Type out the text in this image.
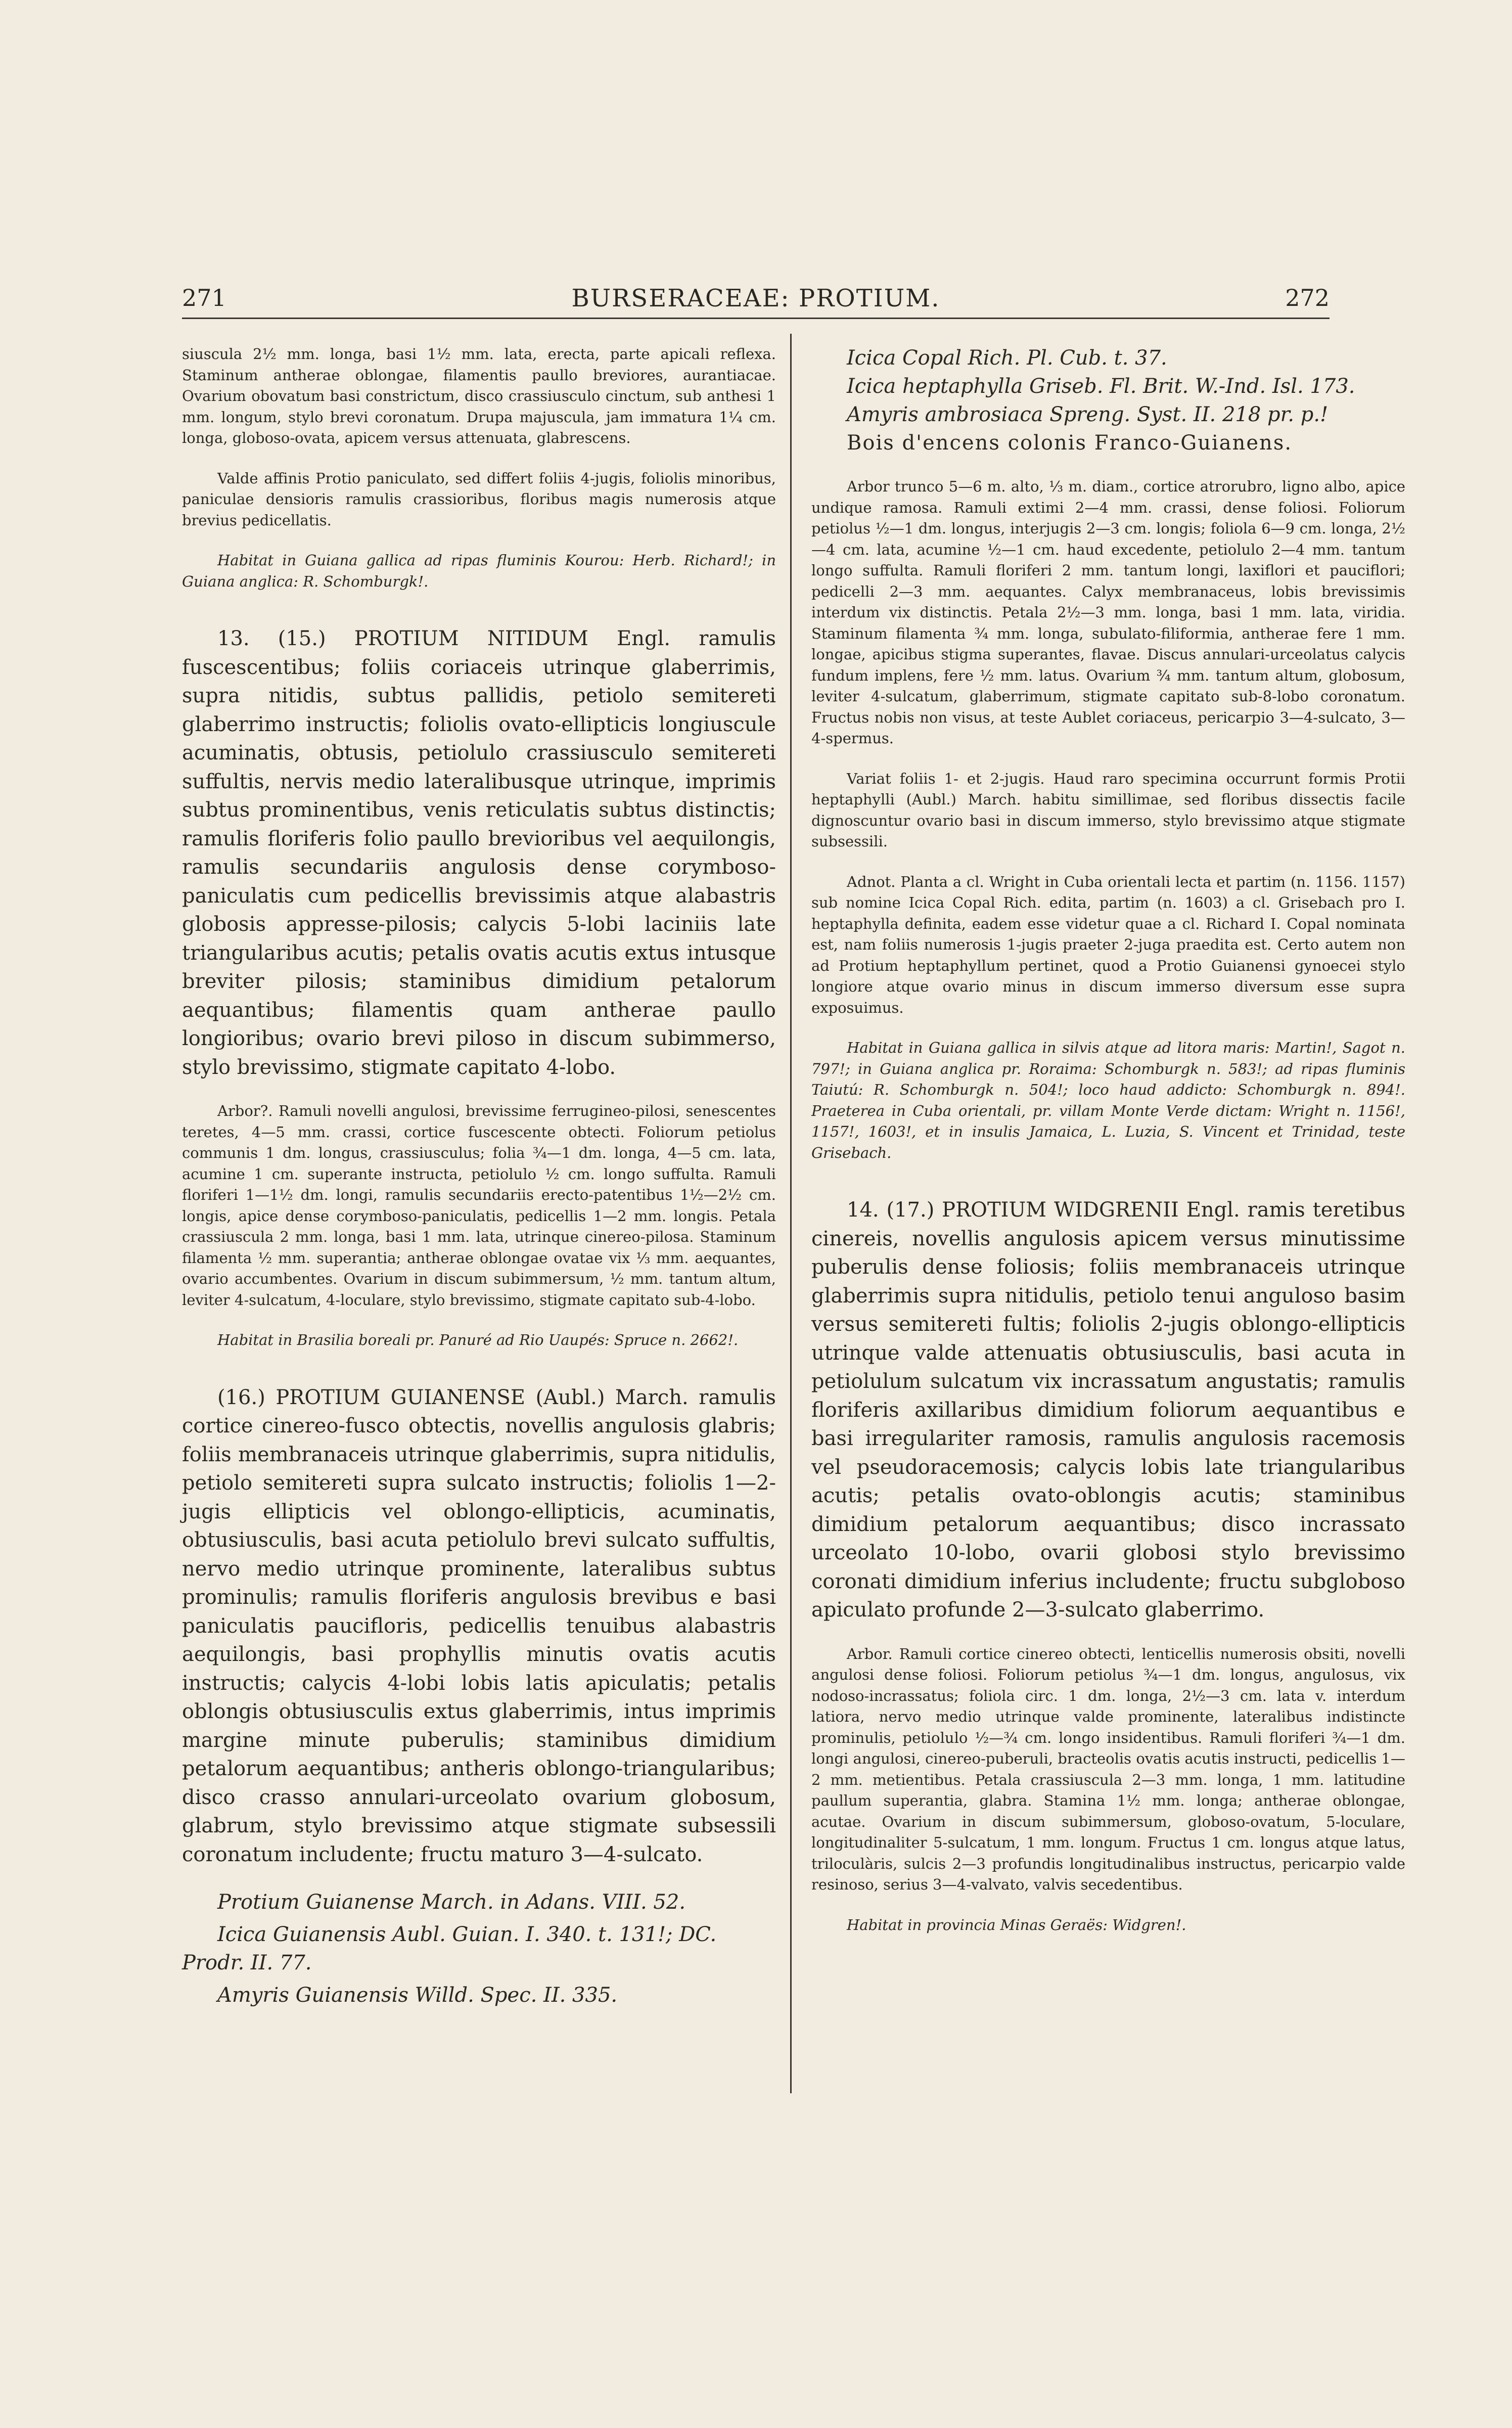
271	BURSERACEAE: PROTIUM.	272

siuscula 2½ mm. longa, basi 1½ mm. lata, erecta, parte apicali reflexa. Staminum antherae oblongae, filamentis paullo breviores, aurantiacae. Ovarium obovatum basi constrictum, disco crassiusculo cinctum, sub anthesi 1 mm. longum, stylo brevi coronatum. Drupa majuscula, jam immatura 1¼ cm. longa, globoso-ovata, apicem versus attenuata, glabrescens.

Valde affinis Protio paniculato, sed differt foliis 4-jugis, foliolis minoribus, paniculae densioris ramulis crassioribus, floribus magis numerosis atque brevius pedicellatis.

Habitat in Guiana gallica ad ripas fluminis Kourou: Herb. Richard!; in Guiana anglica: R. Schomburgk!.

13. (15.) PROTIUM NITIDUM Engl. ramulis fuscescentibus; foliis coriaceis utrinque glaberrimis, supra nitidis, subtus pallidis, petiolo semitereti glaberrimo instructis; foliolis ovato-ellipticis longiuscule acuminatis, obtusis, petiolulo crassiusculo semitereti suffultis, nervis medio lateralibusque utrinque, imprimis subtus prominentibus, venis reticulatis subtus distinctis; ramulis floriferis folio paullo brevioribus vel aequilongis, ramulis secundariis angulosis dense corymboso-paniculatis cum pedicellis brevissimis atque alabastris globosis appresse-pilosis; calycis 5-lobi laciniis late triangularibus acutis; petalis ovatis acutis extus intusque breviter pilosis; staminibus dimidium petalorum aequantibus; filamentis quam antherae paullo longioribus; ovario brevi piloso in discum subimmerso, stylo brevissimo, stigmate capitato 4-lobo.

Arbor?. Ramuli novelli angulosi, brevissime ferrugineo-pilosi, senescentes teretes, 4—5 mm. crassi, cortice fuscescente obtecti. Foliorum petiolus communis 1 dm. longus, crassiusculus; folia ¾—1 dm. longa, 4—5 cm. lata, acumine 1 cm. superante instructa, petiolulo ½ cm. longo suffulta. Ramuli floriferi 1—1½ dm. longi, ramulis secundariis erecto-patentibus 1½—2½ cm. longis, apice dense corymboso-paniculatis, pedicellis 1—2 mm. longis. Petala crassiuscula 2 mm. longa, basi 1 mm. lata, utrinque cinereo-pilosa. Staminum filamenta ½ mm. superantia; antherae oblongae ovatae vix ⅓ mm. aequantes, ovario accumbentes. Ovarium in discum subimmersum, ½ mm. tantum altum, leviter 4-sulcatum, 4-loculare, stylo brevissimo, stigmate capitato sub-4-lobo.

Habitat in Brasilia boreali pr. Panuré ad Rio Uaupés: Spruce n. 2662!.

(16.) PROTIUM GUIANENSE (Aubl.) March. ramulis cortice cinereo-fusco obtectis, novellis angulosis glabris; foliis membranaceis utrinque glaberrimis, supra nitidulis, petiolo semitereti supra sulcato instructis; foliolis 1—2-jugis ellipticis vel oblongo-ellipticis, acuminatis, obtusiusculis, basi acuta petiolulo brevi sulcato suffultis, nervo medio utrinque prominente, lateralibus subtus prominulis; ramulis floriferis angulosis brevibus e basi paniculatis paucifloris, pedicellis tenuibus alabastris aequilongis, basi prophyllis minutis ovatis acutis instructis; calycis 4-lobi lobis latis apiculatis; petalis oblongis obtusiusculis extus glaberrimis, intus imprimis margine minute puberulis; staminibus dimidium petalorum aequantibus; antheris oblongo-triangularibus; disco crasso annulari-urceolato ovarium globosum, glabrum, stylo brevissimo atque stigmate subsessili coronatum includente; fructu maturo 3—4-sulcato.

Protium Guianense March. in Adans. VIII. 52.

Icica Guianensis Aubl. Guian. I. 340. t. 131!; DC. Prodr. II. 77.

Amyris Guianensis Willd. Spec. II. 335.

Icica Copal Rich. Pl. Cub. t. 37.

Icica heptaphylla Griseb. Fl. Brit. W.-Ind. Isl. 173.

Amyris ambrosiaca Spreng. Syst. II. 218 pr. p.!

Bois d'encens colonis Franco-Guianens.

Arbor trunco 5—6 m. alto, ⅓ m. diam., cortice atrorubro, ligno albo, apice undique ramosa. Ramuli extimi 2—4 mm. crassi, dense foliosi. Foliorum petiolus ½—1 dm. longus, interjugis 2—3 cm. longis; foliola 6—9 cm. longa, 2½—4 cm. lata, acumine ½—1 cm. haud excedente, petiolulo 2—4 mm. tantum longo suffulta. Ramuli floriferi 2 mm. tantum longi, laxiflori et pauciflori; pedicelli 2—3 mm. aequantes. Calyx membranaceus, lobis brevissimis interdum vix distinctis. Petala 2½—3 mm. longa, basi 1 mm. lata, viridia. Staminum filamenta ¾ mm. longa, subulato-filiformia, antherae fere 1 mm. longae, apicibus stigma superantes, flavae. Discus annulari-urceolatus calycis fundum implens, fere ½ mm. latus. Ovarium ¾ mm. tantum altum, globosum, leviter 4-sulcatum, glaberrimum, stigmate capitato sub-8-lobo coronatum. Fructus nobis non visus, at teste Aublet coriaceus, pericarpio 3—4-sulcato, 3—4-spermus.

Variat foliis 1- et 2-jugis. Haud raro specimina occurrunt formis Protii heptaphylli (Aubl.) March. habitu simillimae, sed floribus dissectis facile dignoscuntur ovario basi in discum immerso, stylo brevissimo atque stigmate subsessili.

Adnot. Planta a cl. Wright in Cuba orientali lecta et partim (n. 1156. 1157) sub nomine Icica Copal Rich. edita, partim (n. 1603) a cl. Grisebach pro I. heptaphylla definita, eadem esse videtur quae a cl. Richard I. Copal nominata est, nam foliis numerosis 1-jugis praeter 2-juga praedita est. Certo autem non ad Protium heptaphyllum pertinet, quod a Protio Guianensi gynoecei stylo longiore atque ovario minus in discum immerso diversum esse supra exposuimus.

Habitat in Guiana gallica in silvis atque ad litora maris: Martin!, Sagot n. 797!; in Guiana anglica pr. Roraima: Schomburgk n. 583!; ad ripas fluminis Taiutú: R. Schomburgk n. 504!; loco haud addicto: Schomburgk n. 894!. Praeterea in Cuba orientali, pr. villam Monte Verde dictam: Wright n. 1156!, 1157!, 1603!, et in insulis Jamaica, L. Luzia, S. Vincent et Trinidad, teste Grisebach.

14. (17.) PROTIUM WIDGRENII Engl. ramis teretibus cinereis, novellis angulosis apicem versus minutissime puberulis dense foliosis; foliis membranaceis utrinque glaberrimis supra nitidulis, petiolo tenui anguloso basim versus semitereti fultis; foliolis 2-jugis oblongo-ellipticis utrinque valde attenuatis obtusiusculis, basi acuta in petiolulum sulcatum vix incrassatum angustatis; ramulis floriferis axillaribus dimidium foliorum aequantibus e basi irregulariter ramosis, ramulis angulosis racemosis vel pseudoracemosis; calycis lobis late triangularibus acutis; petalis ovato-oblongis acutis; staminibus dimidium petalorum aequantibus; disco incrassato urceolato 10-lobo, ovarii globosi stylo brevissimo coronati dimidium inferius includente; fructu subgloboso apiculato profunde 2—3-sulcato glaberrimo.

Arbor. Ramuli cortice cinereo obtecti, lenticellis numerosis obsiti, novelli angulosi dense foliosi. Foliorum petiolus ¾—1 dm. longus, angulosus, vix nodoso-incrassatus; foliola circ. 1 dm. longa, 2½—3 cm. lata v. interdum latiora, nervo medio utrinque valde prominente, lateralibus indistincte prominulis, petiolulo ½—¾ cm. longo insidentibus. Ramuli floriferi ¾—1 dm. longi angulosi, cinereo-puberuli, bracteolis ovatis acutis instructi, pedicellis 1—2 mm. metientibus. Petala crassiuscula 2—3 mm. longa, 1 mm. latitudine paullum superantia, glabra. Stamina 1½ mm. longa; antherae oblongae, acutae. Ovarium in discum subimmersum, globoso-ovatum, 5-loculare, longitudinaliter 5-sulcatum, 1 mm. longum. Fructus 1 cm. longus atque latus, triloculàris, sulcis 2—3 profundis longitudinalibus instructus, pericarpio valde resinoso, serius 3—4-valvato, valvis secedentibus.

Habitat in provincia Minas Geraës: Widgren!.
